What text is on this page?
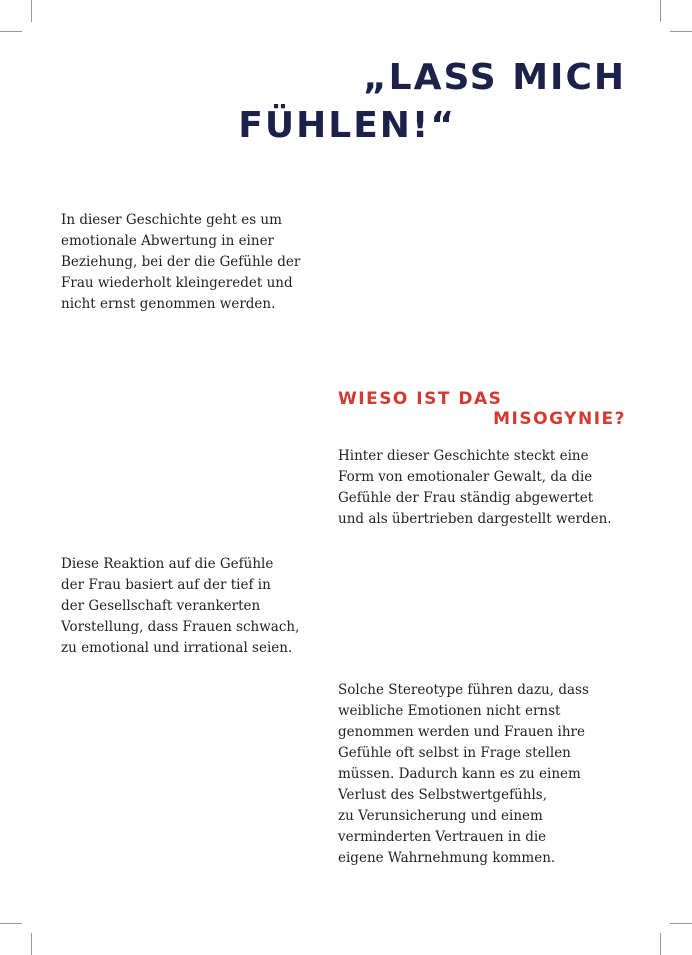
„LASS MICH
FÜHLEN!“

In dieser Geschichte geht es um
emotionale Abwertung in einer
Beziehung, bei der die Gefühle der
Frau wiederholt kleingeredet und
nicht ernst genommen werden.

WIESO IST DAS
MISOGYNIE?

Hinter dieser Geschichte steckt eine
Form von emotionaler Gewalt, da die
Gefühle der Frau ständig abgewertet
und als übertrieben dargestellt werden.

Diese Reaktion auf die Gefühle
der Frau basiert auf der tief in
der Gesellschaft verankerten
Vorstellung, dass Frauen schwach,
zu emotional und irrational seien.

Solche Stereotype führen dazu, dass
weibliche Emotionen nicht ernst
genommen werden und Frauen ihre
Gefühle oft selbst in Frage stellen
müssen. Dadurch kann es zu einem
Verlust des Selbstwertgefühls,
zu Verunsicherung und einem
verminderten Vertrauen in die
eigene Wahrnehmung kommen.
